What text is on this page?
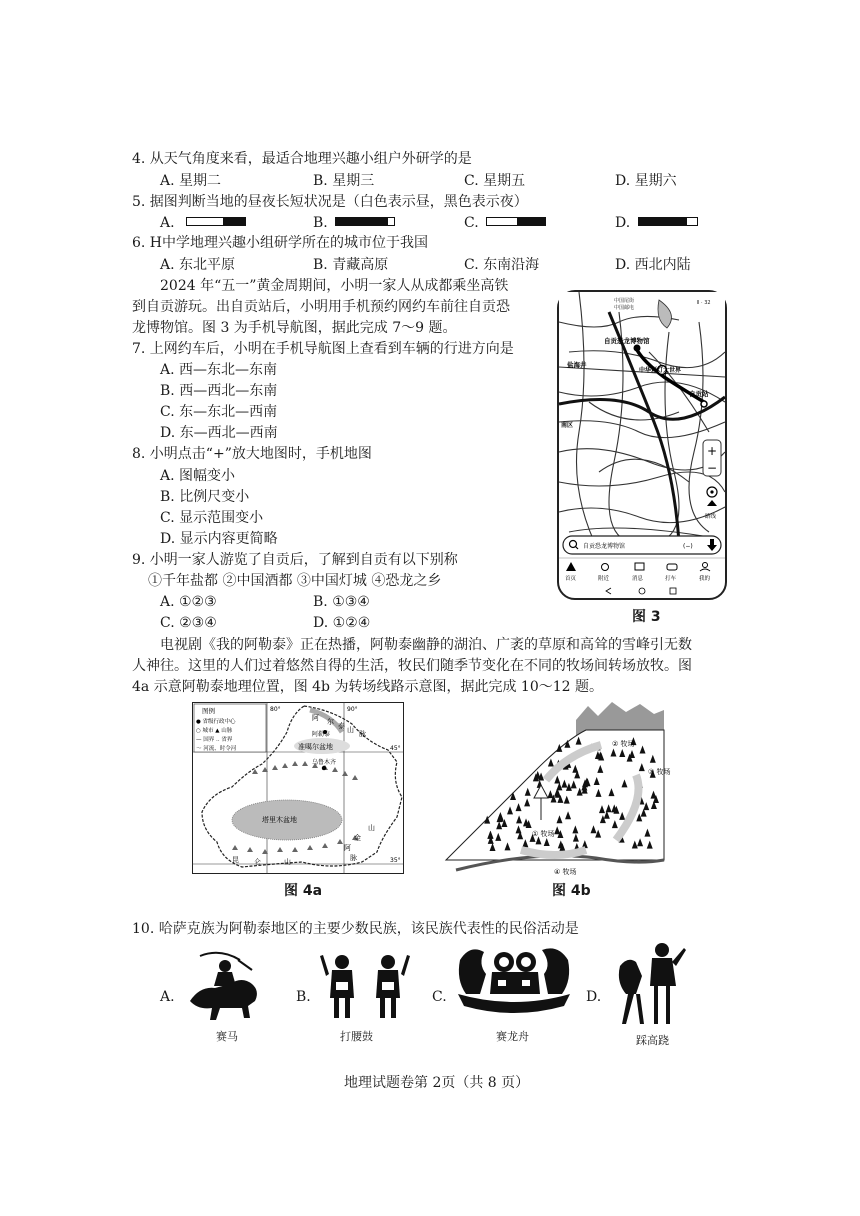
4. 从天气角度来看，最适合地理兴趣小组户外研学的是
A. 星期二	B. 星期三	C. 星期五	D. 星期六
5. 据图判断当地的昼夜长短状况是（白色表示昼，黑色表示夜）
A.	B.	C.	D.
6. H中学地理兴趣小组研学所在的城市位于我国
A. 东北平原	B. 青藏高原	C. 东南沿海	D. 西北内陆
2024 年“五一”黄金周期间，小明一家人从成都乘坐高铁
到自贡游玩。出自贡站后，小明用手机预约网约车前往自贡恐
龙博物馆。图 3 为手机导航图，据此完成 7～9 题。
7. 上网约车后，小明在手机导航图上查看到车辆的行进方向是
A. 西—东北—东南
B. 西—西北—东南
C. 东—东北—西南
D. 东—西北—西南
8. 小明点击“+”放大地图时，手机地图
A. 图幅变小
B. 比例尺变小
C. 显示范围变小
D. 显示内容更简略
9. 小明一家人游览了自贡后，了解到自贡有以下别称
①千年盐都 ②中国酒都 ③中国灯城 ④恐龙之乡
A. ①②③	B. ①③④
C. ②③④	D. ①②④
中国尾街
中国邮电
Ⅱ · 32
自贡恐龙博物馆
盐海井
中华彩灯大世界
自贡站
南区
+
−
路线
自贡恐龙博物馆	(−)
首页	附近	消息	打车	我的
图 3
电视剧《我的阿勒泰》正在热播，阿勒泰幽静的湖泊、广袤的草原和高耸的雪峰引无数
人神往。这里的人们过着悠然自得的生活，牧民们随季节变化在不同的牧场间转场放牧。图
4a 示意阿勒泰地理位置，图 4b 为转场线路示意图，据此完成 10～12 题。
图例
● 省级行政中心
○ 城市 ▲ 山脉
— 国界 ‥ 省界
～ 河流、时令河
80°	90°
45°
35°
阿 尔 泰 山 脉
阿勒泰
准噶尔盆地
乌鲁木齐
塔里木盆地
山
金
阿
脉
昆 仑	山
图 4a
① 牧场
② 牧场
③ 牧场
④ 牧场
图 4b
10. 哈萨克族为阿勒泰地区的主要少数民族，该民族代表性的民俗活动是
A.	B.	C.	D.
赛马	打腰鼓	赛龙舟	踩高跷
地理试题卷第 2页（共 8 页）
